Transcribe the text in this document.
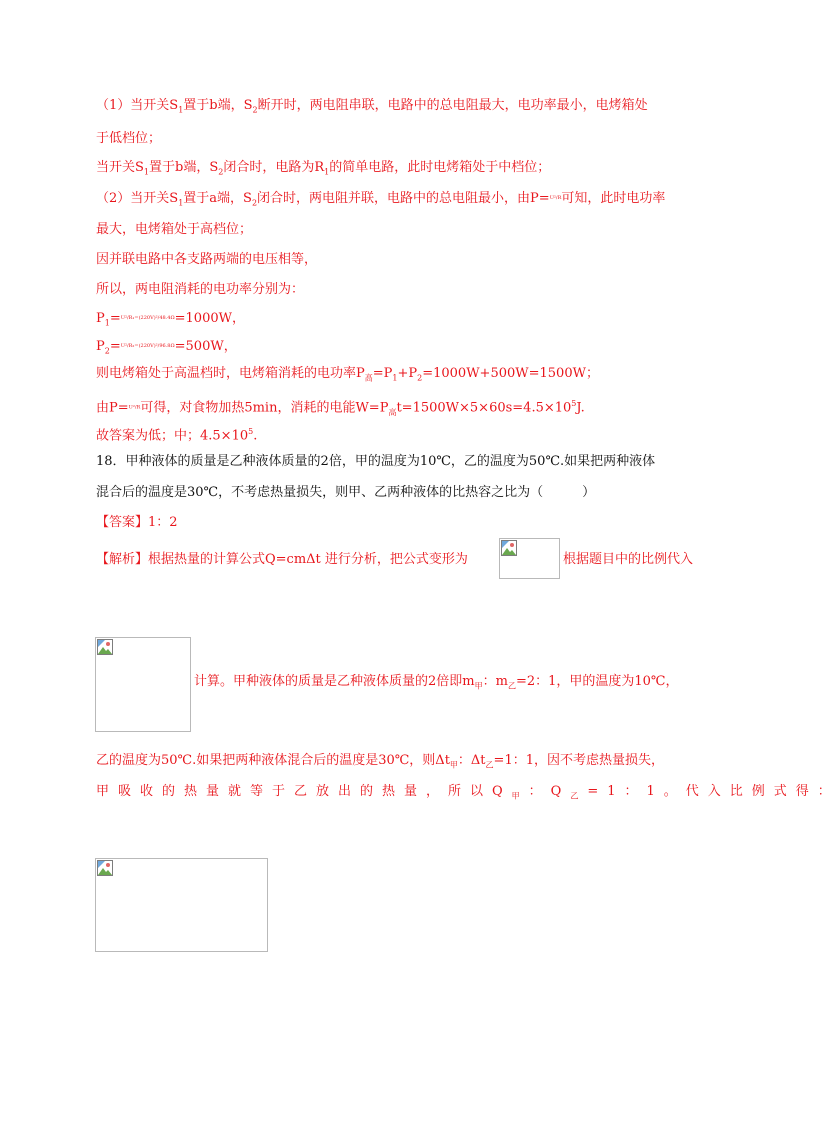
（1）当开关$S_1$置于b端，$S_2$断开时，两电阻串联，电路中的总电阻最大，电功率最小，电烤箱处
于低档位；
当开关$S_1$置于b端，$S_2$闭合时，电路为$R_1$的简单电路，此时电烤箱处于中档位；
（2）当开关$S_1$置于a端，$S_2$闭合时，两电阻并联，电路中的总电阻最小，由P=$^{U^2/R}$可知，此时电功率
最大，电烤箱处于高档位；
因并联电路中各支路两端的电压相等，
所以，两电阻消耗的电功率分别为：
$P_1=^{U^2/R_1=(220V)^2/48.4\Omega}=1000W$，
$P_2=^{U^2/R_2=(220V)^2/96.8\Omega}=500W$，
则电烤箱处于高温档时，电烤箱消耗的电功率$P_高=P_1+P_2=1000W+500W=1500W$；
由P=$^{U^2/R}$可得，对食物加热5min，消耗的电能$W=P_高t=1500W\times 5\times 60s=4.5\times 10^5J$.
故答案为低；中；$4.5\times 10^5$.
18．甲种液体的质量是乙种液体质量的2倍，甲的温度为10℃，乙的温度为50℃.如果把两种液体
混合后的温度是30℃，不考虑热量损失，则甲、乙两种液体的比热容之比为（　　　）
【答案】1：2
【解析】根据热量的计算公式Q=cmΔt 进行分析，把公式变形为	根据题目中的比例代入
计算。甲种液体的质量是乙种液体质量的2倍即$m_甲$：$m_乙=2$：1，甲的温度为10℃，
乙的温度为50℃.如果把两种液体混合后的温度是30℃，则$\Delta t_甲$：$\Delta t_乙=1$：1，因不考虑热量损失，
甲吸收的热量就等于乙放出的热量，所以$Q_甲$：$Q_乙=1$：1。代入比例式得：
